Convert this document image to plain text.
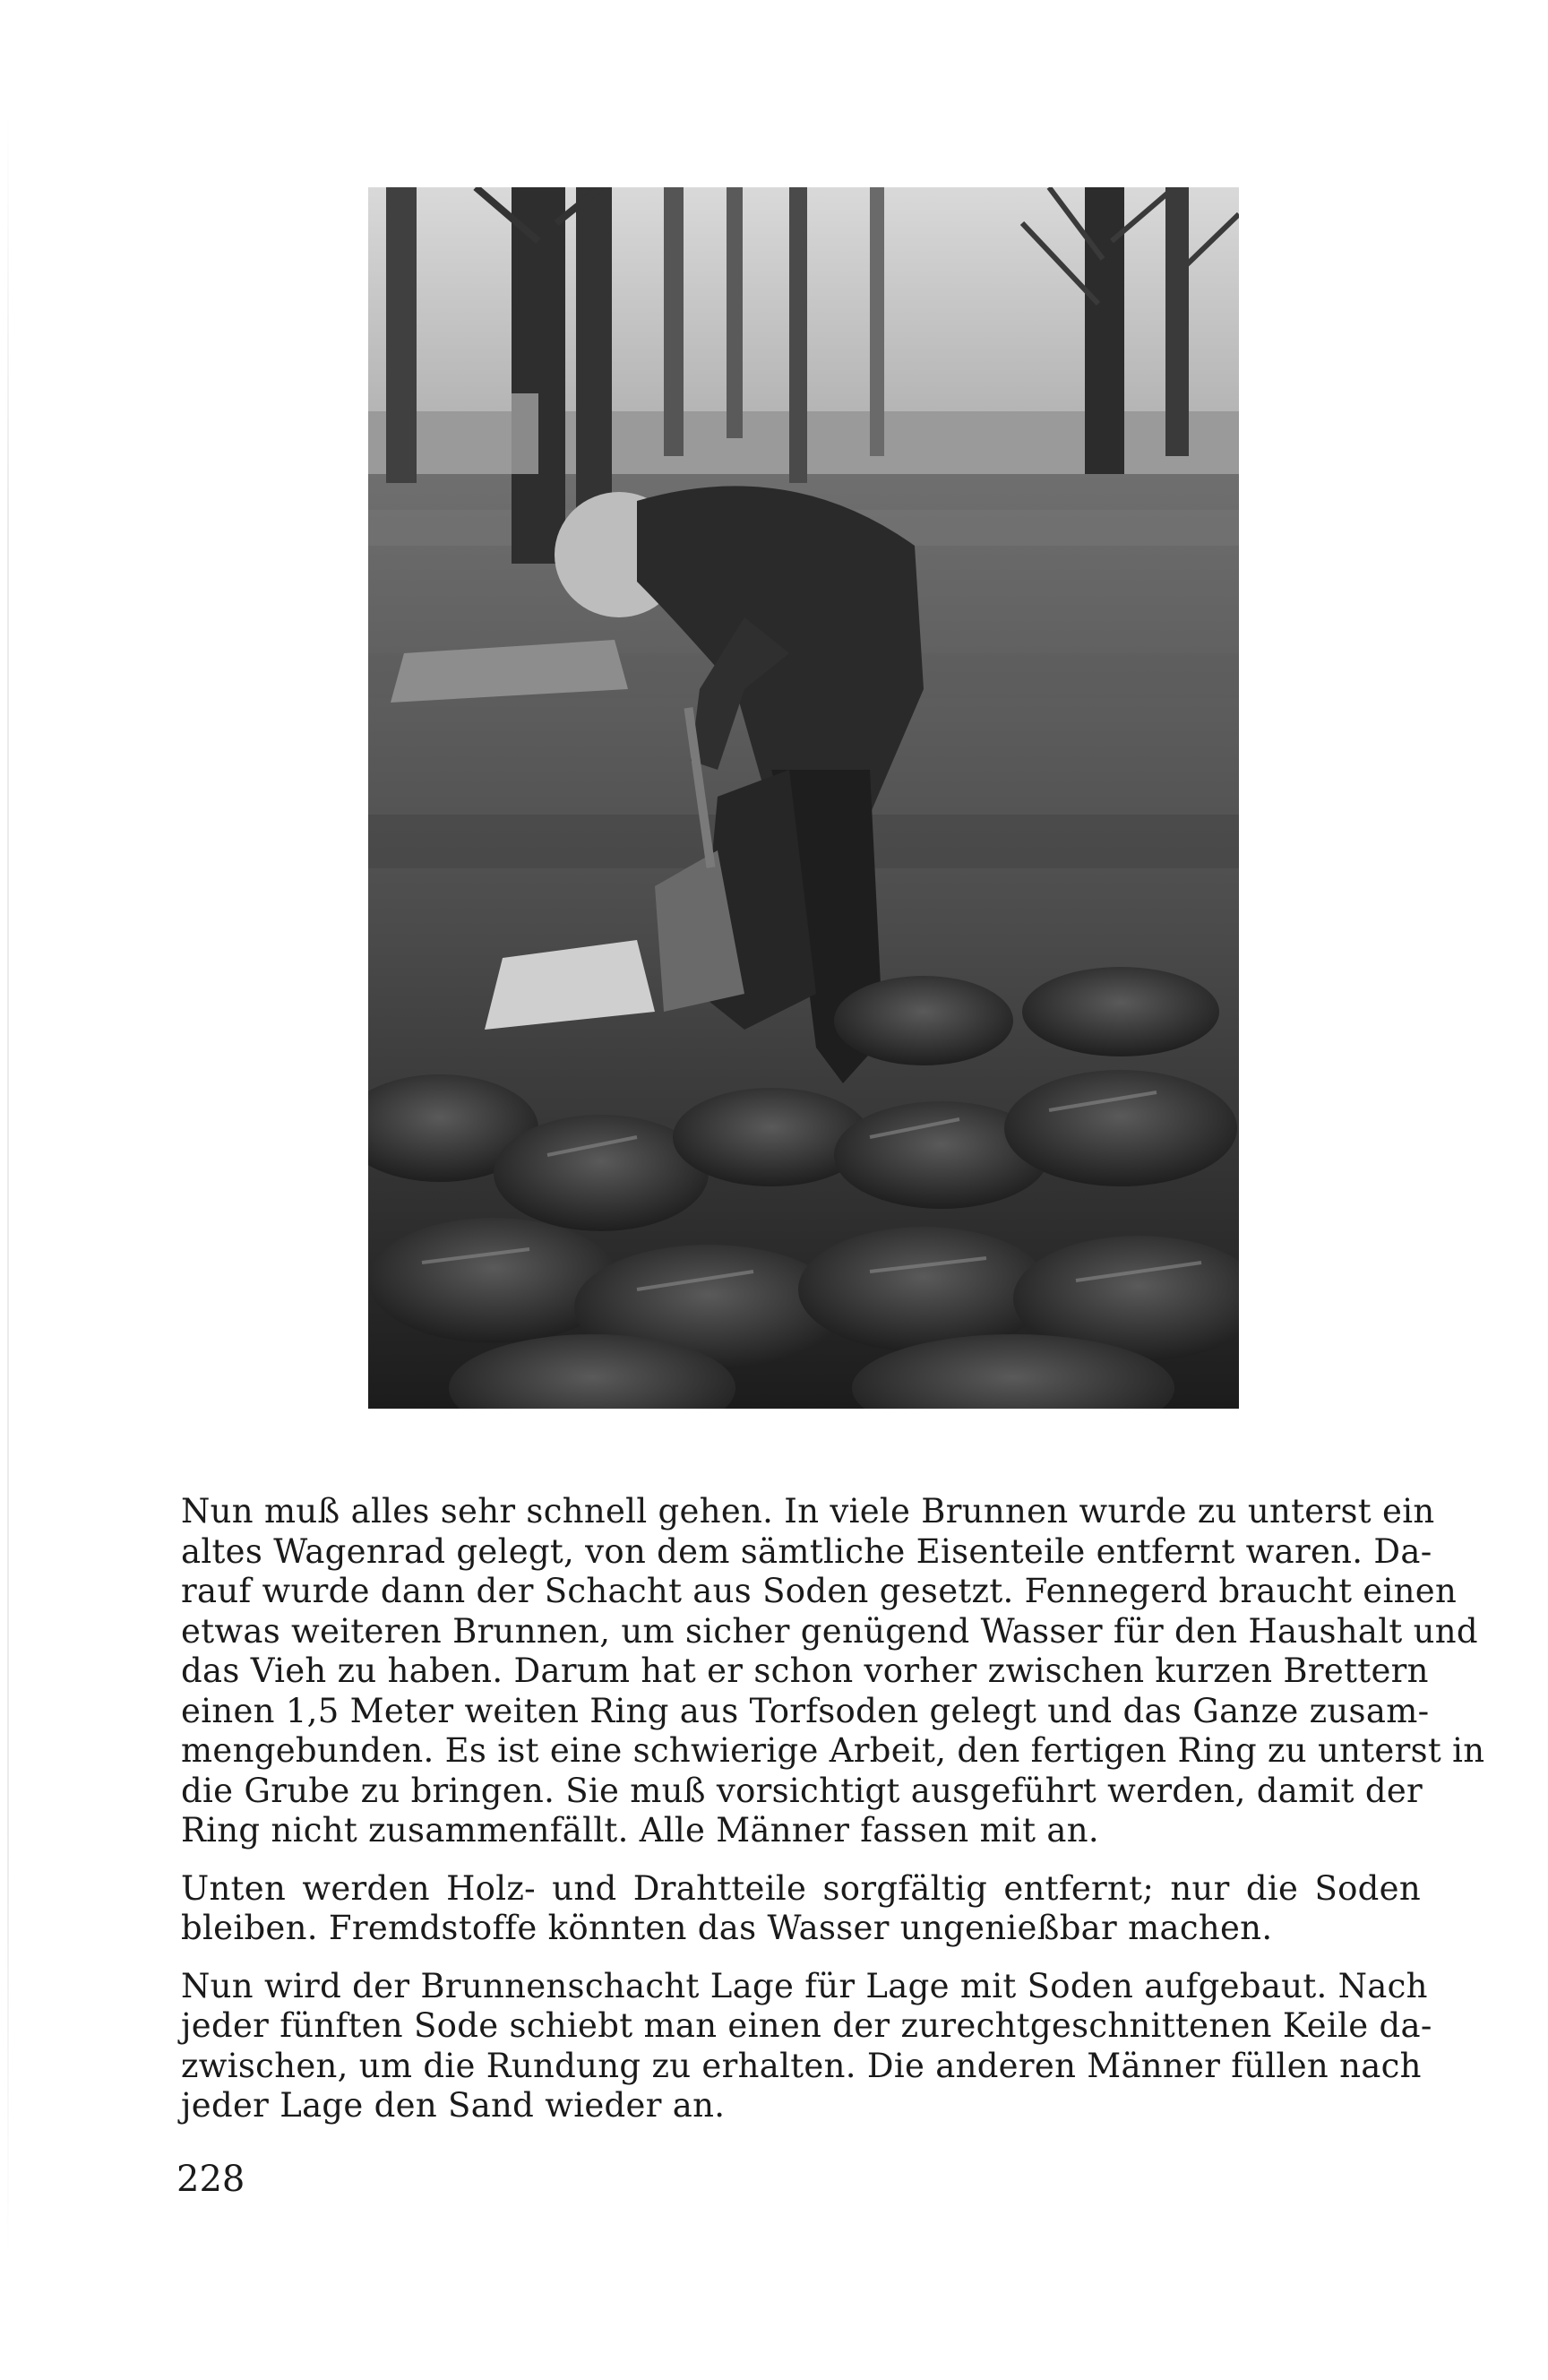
Nun muß alles sehr schnell gehen. In viele Brunnen wurde zu unterst ein
altes Wagenrad gelegt, von dem sämtliche Eisenteile entfernt waren. Da-
rauf wurde dann der Schacht aus Soden gesetzt. Fennegerd braucht einen
etwas weiteren Brunnen, um sicher genügend Wasser für den Haushalt und
das Vieh zu haben. Darum hat er schon vorher zwischen kurzen Brettern
einen 1,5 Meter weiten Ring aus Torfsoden gelegt und das Ganze zusam-
mengebunden. Es ist eine schwierige Arbeit, den fertigen Ring zu unterst in
die Grube zu bringen. Sie muß vorsichtigt ausgeführt werden, damit der
Ring nicht zusammenfällt. Alle Männer fassen mit an.

Unten werden Holz- und Drahtteile sorgfältig entfernt; nur die Soden
bleiben. Fremdstoffe könnten das Wasser ungenießbar machen.

Nun wird der Brunnenschacht Lage für Lage mit Soden aufgebaut. Nach
jeder fünften Sode schiebt man einen der zurechtgeschnittenen Keile da-
zwischen, um die Rundung zu erhalten. Die anderen Männer füllen nach
jeder Lage den Sand wieder an.

228
